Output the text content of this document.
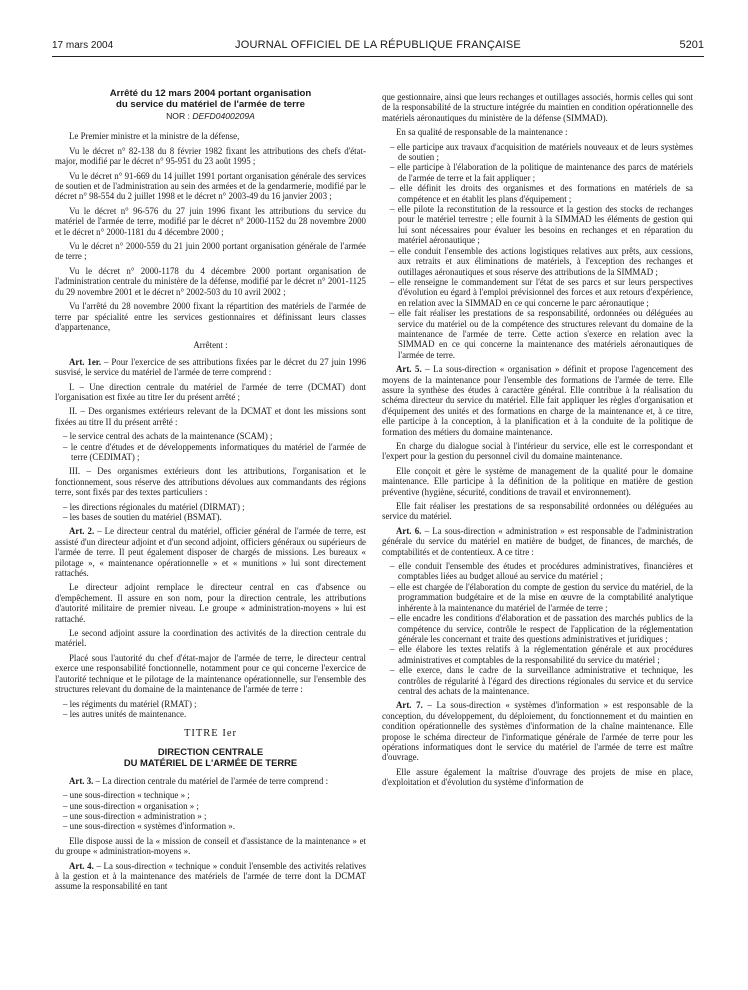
17 mars 2004	JOURNAL OFFICIEL DE LA RÉPUBLIQUE FRANÇAISE	5201
Arrêté du 12 mars 2004 portant organisation
du service du matériel de l'armée de terre
NOR : DEFD0400209A

Le Premier ministre et la ministre de la défense,

Vu le décret n° 82-138 du 8 février 1982 fixant les attributions des chefs d'état-major, modifié par le décret n° 95-951 du 23 août 1995 ;

Vu le décret n° 91-669 du 14 juillet 1991 portant organisation générale des services de soutien et de l'administration au sein des armées et de la gendarmerie, modifié par le décret n° 98-554 du 2 juillet 1998 et le décret n° 2003-49 du 16 janvier 2003 ;

Vu le décret n° 96-576 du 27 juin 1996 fixant les attributions du service du matériel de l'armée de terre, modifié par le décret n° 2000-1152 du 28 novembre 2000 et le décret n° 2000-1181 du 4 décembre 2000 ;

Vu le décret n° 2000-559 du 21 juin 2000 portant organisation générale de l'armée de terre ;

Vu le décret n° 2000-1178 du 4 décembre 2000 portant organisation de l'administration centrale du ministère de la défense, modifié par le décret n° 2001-1125 du 29 novembre 2001 et le décret n° 2002-503 du 10 avril 2002 ;

Vu l'arrêté du 28 novembre 2000 fixant la répartition des matériels de l'armée de terre par spécialité entre les services gestionnaires et définissant leurs classes d'appartenance,

Arrêtent :

Art. 1er. – Pour l'exercice de ses attributions fixées par le décret du 27 juin 1996 susvisé, le service du matériel de l'armée de terre comprend :

I. – Une direction centrale du matériel de l'armée de terre (DCMAT) dont l'organisation est fixée au titre Ier du présent arrêté ;

II. – Des organismes extérieurs relevant de la DCMAT et dont les missions sont fixées au titre II du présent arrêté :

– le service central des achats de la maintenance (SCAM) ;
– le centre d'études et de développements informatiques du matériel de l'armée de terre (CEDIMAT) ;

III. – Des organismes extérieurs dont les attributions, l'organisation et le fonctionnement, sous réserve des attributions dévolues aux commandants des régions terre, sont fixés par des textes particuliers :

– les directions régionales du matériel (DIRMAT) ;
– les bases de soutien du matériel (BSMAT).

Art. 2. – Le directeur central du matériel, officier général de l'armée de terre, est assisté d'un directeur adjoint et d'un second adjoint, officiers généraux ou supérieurs de l'armée de terre. Il peut également disposer de chargés de missions. Les bureaux « pilotage », « maintenance opérationnelle » et « munitions » lui sont directement rattachés.

Le directeur adjoint remplace le directeur central en cas d'absence ou d'empêchement. Il assure en son nom, pour la direction centrale, les attributions d'autorité militaire de premier niveau. Le groupe « administration-moyens » lui est rattaché.

Le second adjoint assure la coordination des activités de la direction centrale du matériel.

Placé sous l'autorité du chef d'état-major de l'armée de terre, le directeur central exerce une responsabilité fonctionnelle, notamment pour ce qui concerne l'exercice de l'autorité technique et le pilotage de la maintenance opérationnelle, sur l'ensemble des structures relevant du domaine de la maintenance de l'armée de terre :

– les régiments du matériel (RMAT) ;
– les autres unités de maintenance.
TITRE Ier
DIRECTION CENTRALE
DU MATÉRIEL DE L'ARMÉE DE TERRE

Art. 3. – La direction centrale du matériel de l'armée de terre comprend :

– une sous-direction « technique » ;
– une sous-direction « organisation » ;
– une sous-direction « administration » ;
– une sous-direction « systèmes d'information ».

Elle dispose aussi de la « mission de conseil et d'assistance de la maintenance » et du groupe « administration-moyens ».

Art. 4. – La sous-direction « technique » conduit l'ensemble des activités relatives à la gestion et à la maintenance des matériels de l'armée de terre dont la DCMAT assume la responsabilité en tant

que gestionnaire, ainsi que leurs rechanges et outillages associés, hormis celles qui sont de la responsabilité de la structure intégrée du maintien en condition opérationnelle des matériels aéronautiques du ministère de la défense (SIMMAD).

En sa qualité de responsable de la maintenance :

– elle participe aux travaux d'acquisition de matériels nouveaux et de leurs systèmes de soutien ;
– elle participe à l'élaboration de la politique de maintenance des parcs de matériels de l'armée de terre et la fait appliquer ;
– elle définit les droits des organismes et des formations en matériels de sa compétence et en établit les plans d'équipement ;
– elle pilote la reconstitution de la ressource et la gestion des stocks de rechanges pour le matériel terrestre ; elle fournit à la SIMMAD les éléments de gestion qui lui sont nécessaires pour évaluer les besoins en rechanges et en réparation du matériel aéronautique ;
– elle conduit l'ensemble des actions logistiques relatives aux prêts, aux cessions, aux retraits et aux éliminations de matériels, à l'exception des rechanges et outillages aéronautiques et sous réserve des attributions de la SIMMAD ;
– elle renseigne le commandement sur l'état de ses parcs et sur leurs perspectives d'évolution eu égard à l'emploi prévisionnel des forces et aux retours d'expérience, en relation avec la SIMMAD en ce qui concerne le parc aéronautique ;
– elle fait réaliser les prestations de sa responsabilité, ordonnées ou déléguées au service du matériel ou de la compétence des structures relevant du domaine de la maintenance de l'armée de terre. Cette action s'exerce en relation avec la SIMMAD en ce qui concerne la maintenance des matériels aéronautiques de l'armée de terre.

Art. 5. – La sous-direction « organisation » définit et propose l'agencement des moyens de la maintenance pour l'ensemble des formations de l'armée de terre. Elle assure la synthèse des études à caractère général. Elle contribue à la réalisation du schéma directeur du service du matériel. Elle fait appliquer les règles d'organisation et d'équipement des unités et des formations en charge de la maintenance et, à ce titre, elle participe à la conception, à la planification et à la conduite de la politique de formation des métiers du domaine maintenance.

En charge du dialogue social à l'intérieur du service, elle est le correspondant et l'expert pour la gestion du personnel civil du domaine maintenance.

Elle conçoit et gère le système de management de la qualité pour le domaine maintenance. Elle participe à la définition de la politique en matière de gestion préventive (hygiène, sécurité, conditions de travail et environnement).

Elle fait réaliser les prestations de sa responsabilité ordonnées ou déléguées au service du matériel.

Art. 6. – La sous-direction « administration » est responsable de l'administration générale du service du matériel en matière de budget, de finances, de marchés, de comptabilités et de contentieux. A ce titre :

– elle conduit l'ensemble des études et procédures administratives, financières et comptables liées au budget alloué au service du matériel ;
– elle est chargée de l'élaboration du compte de gestion du service du matériel, de la programmation budgétaire et de la mise en œuvre de la comptabilité analytique inhérente à la maintenance du matériel de l'armée de terre ;
– elle encadre les conditions d'élaboration et de passation des marchés publics de la compétence du service, contrôle le respect de l'application de la réglementation générale les concernant et traite des questions administratives et juridiques ;
– elle élabore les textes relatifs à la réglementation générale et aux procédures administratives et comptables de la responsabilité du service du matériel ;
– elle exerce, dans le cadre de la surveillance administrative et technique, les contrôles de régularité à l'égard des directions régionales du service et du service central des achats de la maintenance.

Art. 7. – La sous-direction « systèmes d'information » est responsable de la conception, du développement, du déploiement, du fonctionnement et du maintien en condition opérationnelle des systèmes d'information de la chaîne maintenance. Elle propose le schéma directeur de l'informatique générale de l'armée de terre pour les opérations informatiques dont le service du matériel de l'armée de terre est maître d'ouvrage.

Elle assure également la maîtrise d'ouvrage des projets de mise en place, d'exploitation et d'évolution du système d'information de
